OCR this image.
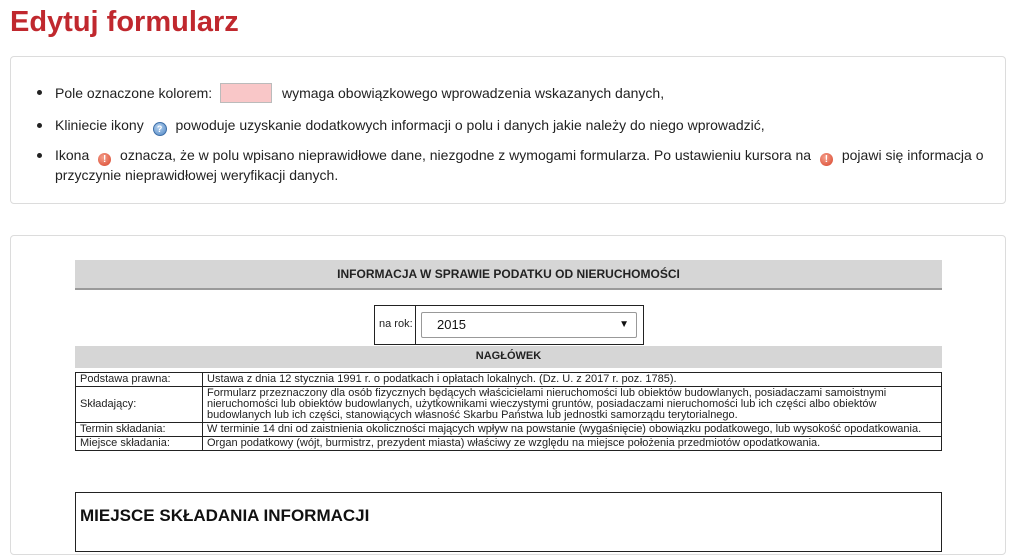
Edytuj formularz
Pole oznaczone kolorem:	wymaga obowiązkowego wprowadzenia wskazanych danych,
Kliniecie ikony ? powoduje uzyskanie dodatkowych informacji o polu i danych jakie należy do niego wprowadzić,
Ikona ! oznacza, że w polu wpisano nieprawidłowe dane, niezgodne z wymogami formularza. Po ustawieniu kursora na ! pojawi się informacja o przyczynie nieprawidłowej weryfikacji danych.
INFORMACJA W SPRAWIE PODATKU OD NIERUCHOMOŚCI
na rok:	2015	▼
NAGŁÓWEK
Podstawa prawna:	Ustawa z dnia 12 stycznia 1991 r. o podatkach i opłatach lokalnych. (Dz. U. z 2017 r. poz. 1785).
Składający:	Formularz przeznaczony dla osób fizycznych będących właścicielami nieruchomości lub obiektów budowlanych, posiadaczami samoistnymi nieruchomości lub obiektów budowlanych, użytkownikami wieczystymi gruntów, posiadaczami nieruchomości lub ich części albo obiektów budowlanych lub ich części, stanowiących własność Skarbu Państwa lub jednostki samorządu terytorialnego.
Termin składania:	W terminie 14 dni od zaistnienia okoliczności mających wpływ na powstanie (wygaśnięcie) obowiązku podatkowego, lub wysokość opodatkowania.
Miejsce składania:	Organ podatkowy (wójt, burmistrz, prezydent miasta) właściwy ze względu na miejsce położenia przedmiotów opodatkowania.
MIEJSCE SKŁADANIA INFORMACJI
